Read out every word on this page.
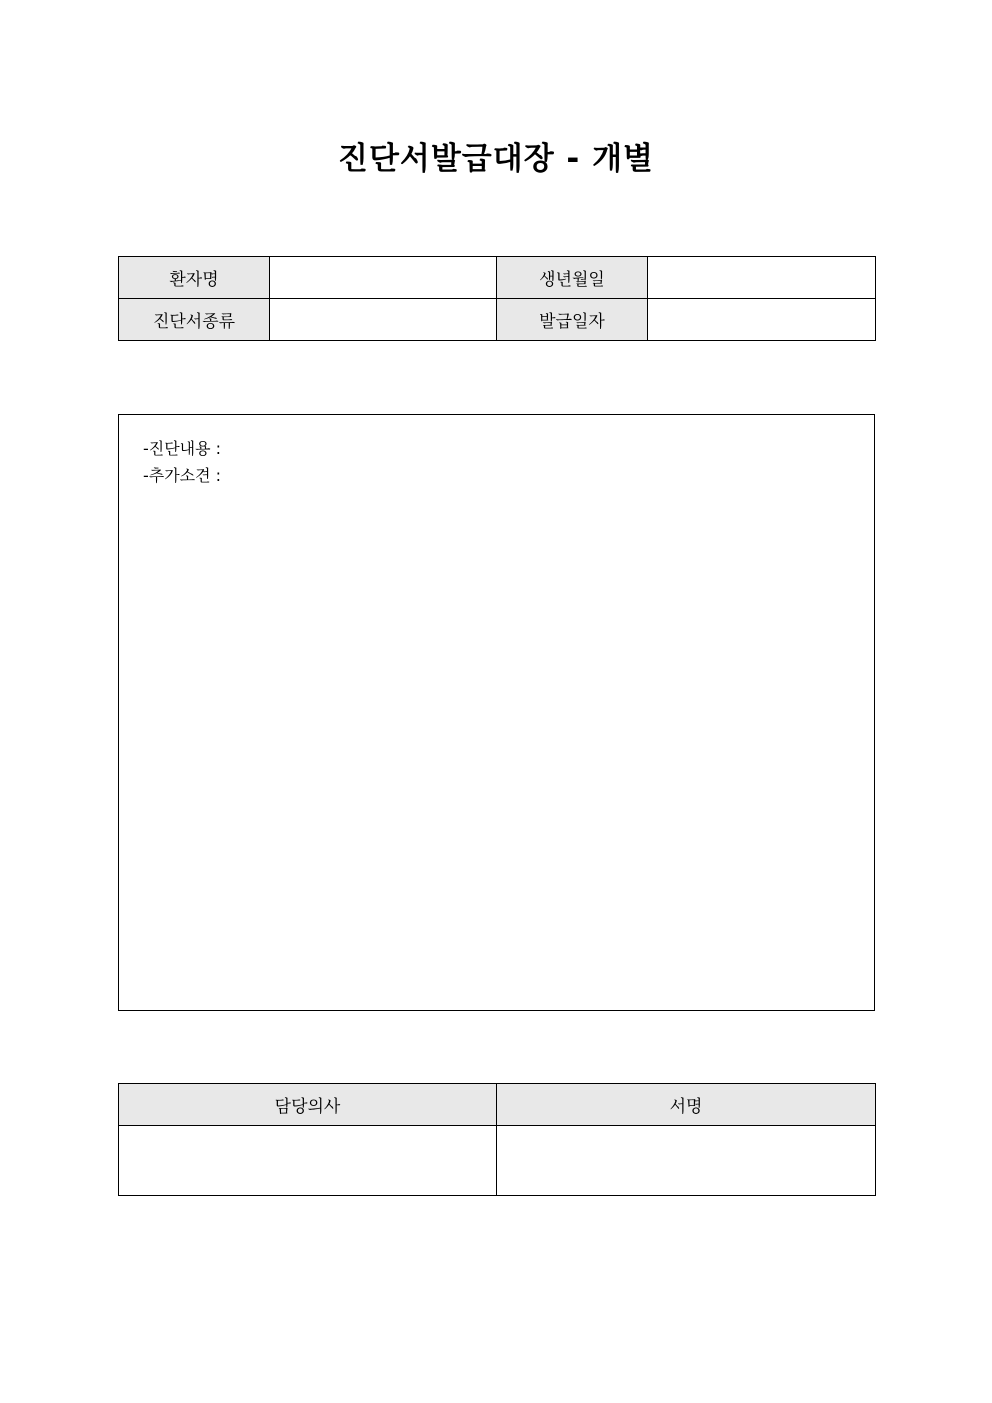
진단서발급대장 - 개별
환자명		생년월일	
진단서종류		발급일자	
-진단내용 :
-추가소견 :
담당의사	서명
